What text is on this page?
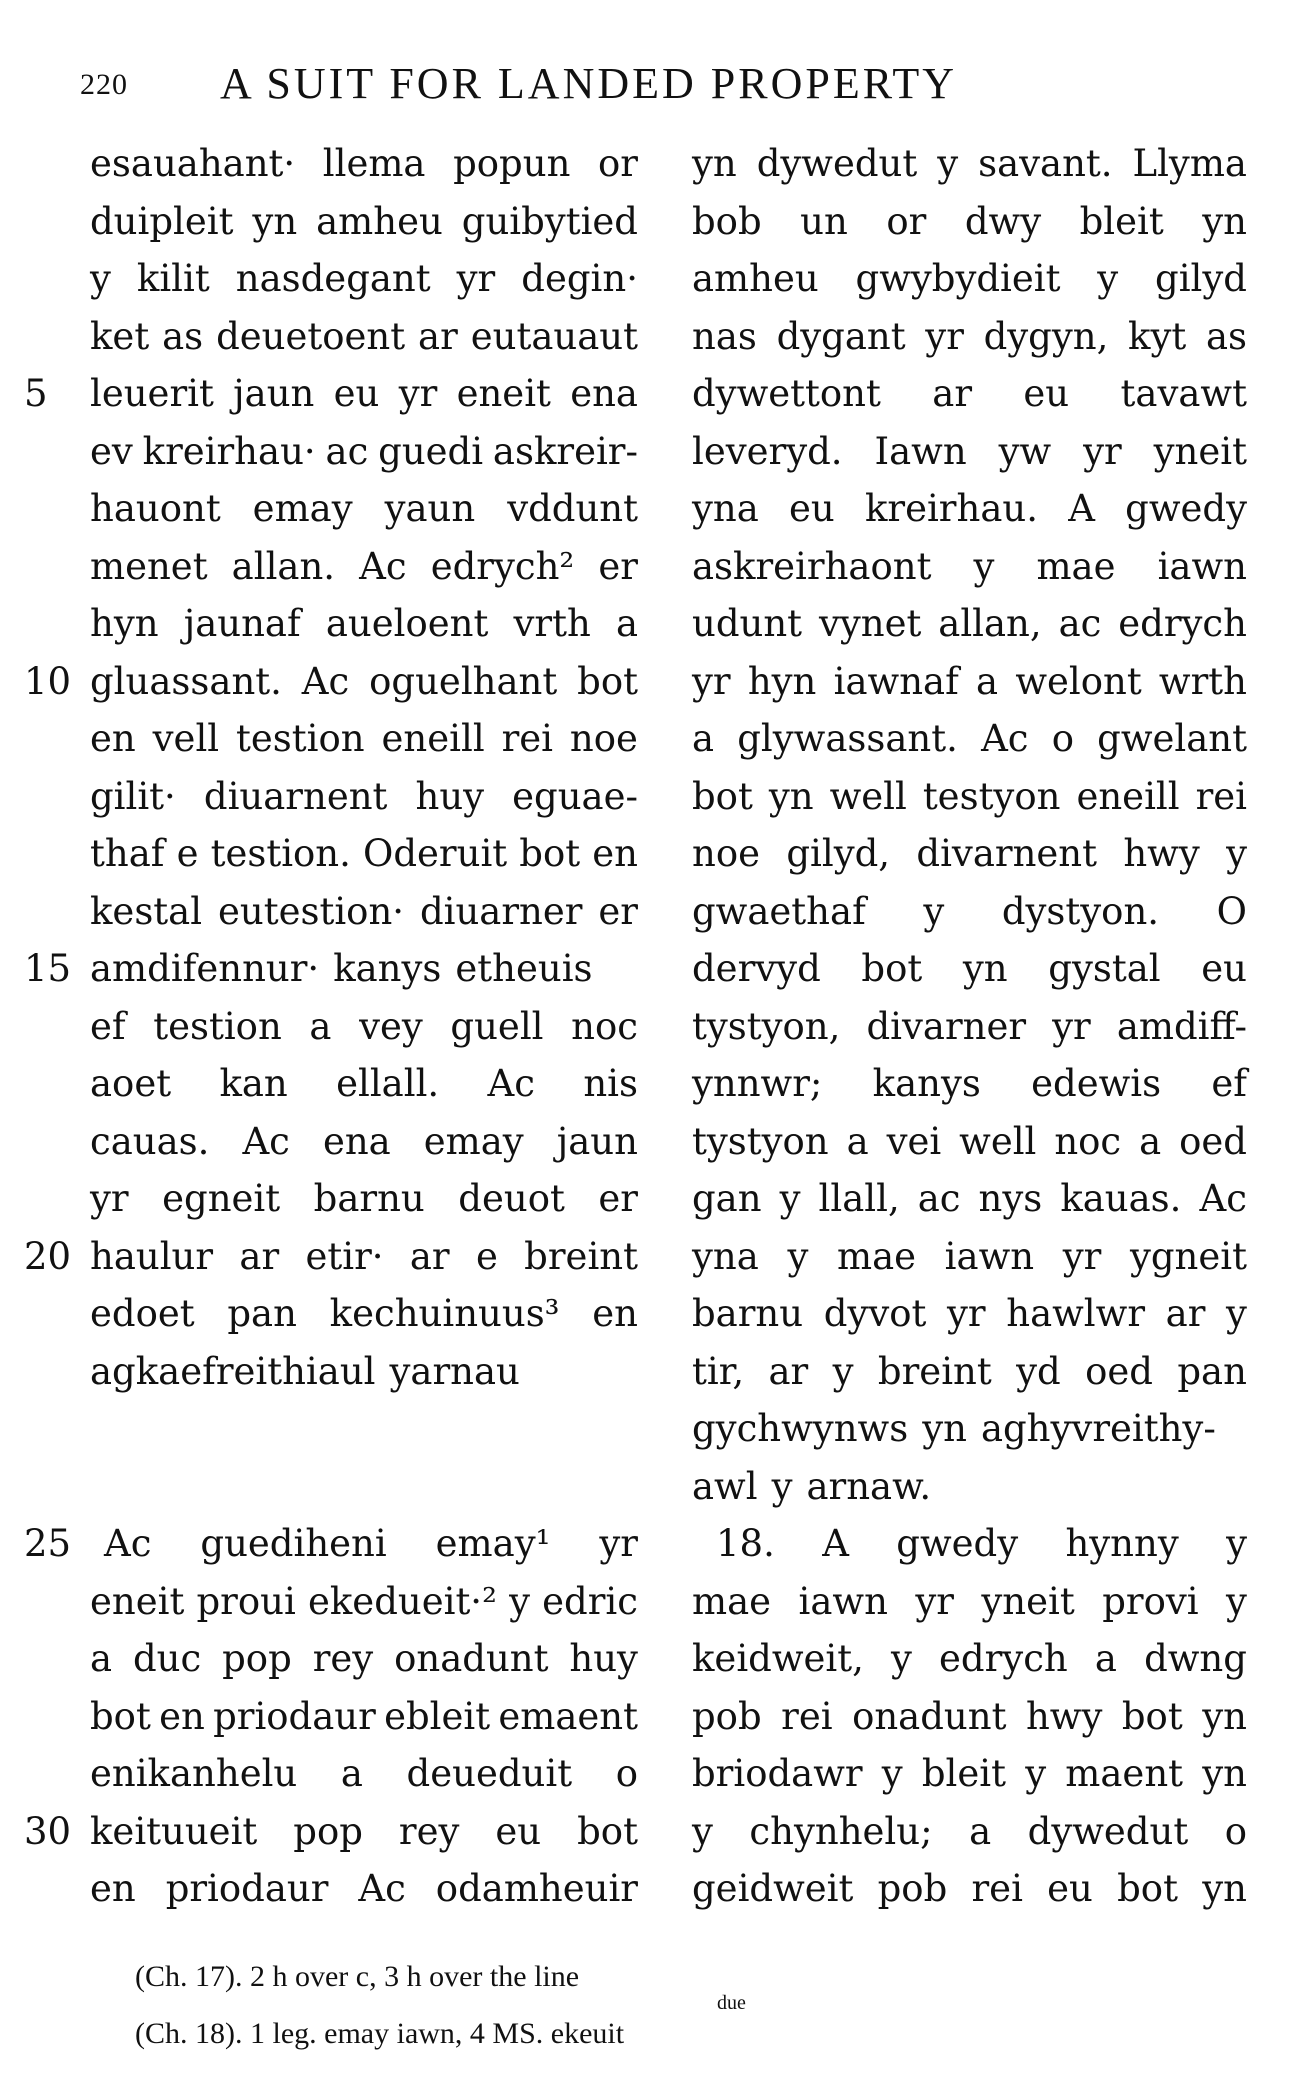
220 A SUIT FOR LANDED PROPERTY
esauahant· llema popun or
duipleit yn amheu guibytied
y kilit nasdegant yr degin·
ket as deuetoent ar eutauaut
5	leuerit jaun eu yr eneit ena
ev kreirhau· ac guedi askreir-
hauont emay yaun vddunt
menet allan. Ac edrych² er
hyn jaunaf aueloent vrth a
10 gluassant. Ac oguelhant bot
en vell testion eneill rei noe
gilit· diuarnent huy eguae-
thaf e testion. Oderuit bot en
kestal eutestion· diuarner er
15 amdifennur· kanys etheuis
ef testion a vey guell noc
aoet kan ellall. Ac nis
cauas. Ac ena emay jaun
yr egneit barnu deuot er
20 haulur ar etir· ar e breint
edoet pan kechuinuus³ en
agkaefreithiaul yarnau
25 Ac guediheni emay¹ yr
eneit proui ekedueit·² y edric
a duc pop rey onadunt huy
bot en priodaur ebleit emaent
enikanhelu a deueduit o
30 keituueit pop rey eu bot
en priodaur Ac odamheuir
yn dywedut y savant. Llyma
bob un or dwy bleit yn
amheu gwybydieit y gilyd
nas dygant yr dygyn, kyt as
dywettont ar eu tavawt
leveryd. Iawn yw yr yneit
yna eu kreirhau. A gwedy
askreirhaont y mae iawn
udunt vynet allan, ac edrych
yr hyn iawnaf a welont wrth
a glywassant. Ac o gwelant
bot yn well testyon eneill rei
noe gilyd, divarnent hwy y
gwaethaf y dystyon. O
dervyd bot yn gystal eu
tystyon, divarner yr amdiff-
ynnwr; kanys edewis ef
tystyon a vei well noc a oed
gan y llall, ac nys kauas. Ac
yna y mae iawn yr ygneit
barnu dyvot yr hawlwr ar y
tir, ar y breint yd oed pan
gychwynws yn aghyvreithy-
awl y arnaw.
18. A gwedy hynny y
mae iawn yr yneit provi y
keidweit, y edrych a dwng
pob rei onadunt hwy bot yn
briodawr y bleit y maent yn
y chynhelu; a dywedut o
geidweit pob rei eu bot yn
due
(Ch. 17). 2 h over c, 3 h over the line
(Ch. 18). 1 leg. emay iawn, 4 MS. ekeuit
